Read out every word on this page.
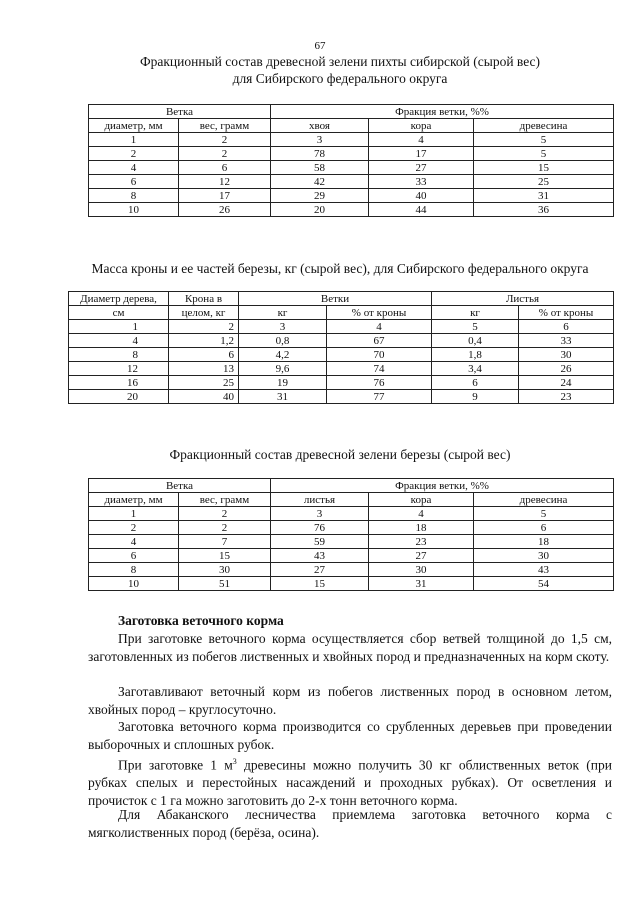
67
Фракционный состав древесной зелени пихты сибирской (сырой вес)
для Сибирского федерального округа
Ветка		Фракция ветки, %%		
диаметр, мм	вес, грамм	хвоя	кора	древесина
1	2	3	4	5
2	2	78	17	5
4	6	58	27	15
6	12	42	33	25
8	17	29	40	31
10	26	20	44	36
Масса кроны и ее частей березы, кг (сырой вес), для Сибирского федерального округа
Диаметр дерева,	Крона в	Ветки		Листья	
см	целом, кг	кг	% от кроны	кг	% от кроны
1	2	3	4	5	6
4	1,2	0,8	67	0,4	33
8	6	4,2	70	1,8	30
12	13	9,6	74	3,4	26
16	25	19	76	6	24
20	40	31	77	9	23
Фракционный состав древесной зелени березы (сырой вес)
Ветка		Фракция ветки, %%		
диаметр, мм	вес, грамм	листья	кора	древесина
1	2	3	4	5
2	2	76	18	6
4	7	59	23	18
6	15	43	27	30
8	30	27	30	43
10	51	15	31	54
Заготовка веточного корма
При заготовке веточного корма осуществляется сбор ветвей толщиной до 1,5 см, заготовленных из побегов лиственных и хвойных пород и предназначенных на корм скоту.
Заготавливают веточный корм из побегов лиственных пород в основном летом, хвойных пород – круглосуточно.
Заготовка веточного корма производится со срубленных деревьев при проведении выборочных и сплошных рубок.
При заготовке 1 $м^3$ древесины можно получить 30 кг облиственных веток (при рубках спелых и перестойных насаждений и проходных рубках). От осветления и прочисток с 1 га можно заготовить до 2-х тонн веточного корма.
Для Абаканского лесничества приемлема заготовка веточного корма с мягколиственных пород (берёза, осина).
